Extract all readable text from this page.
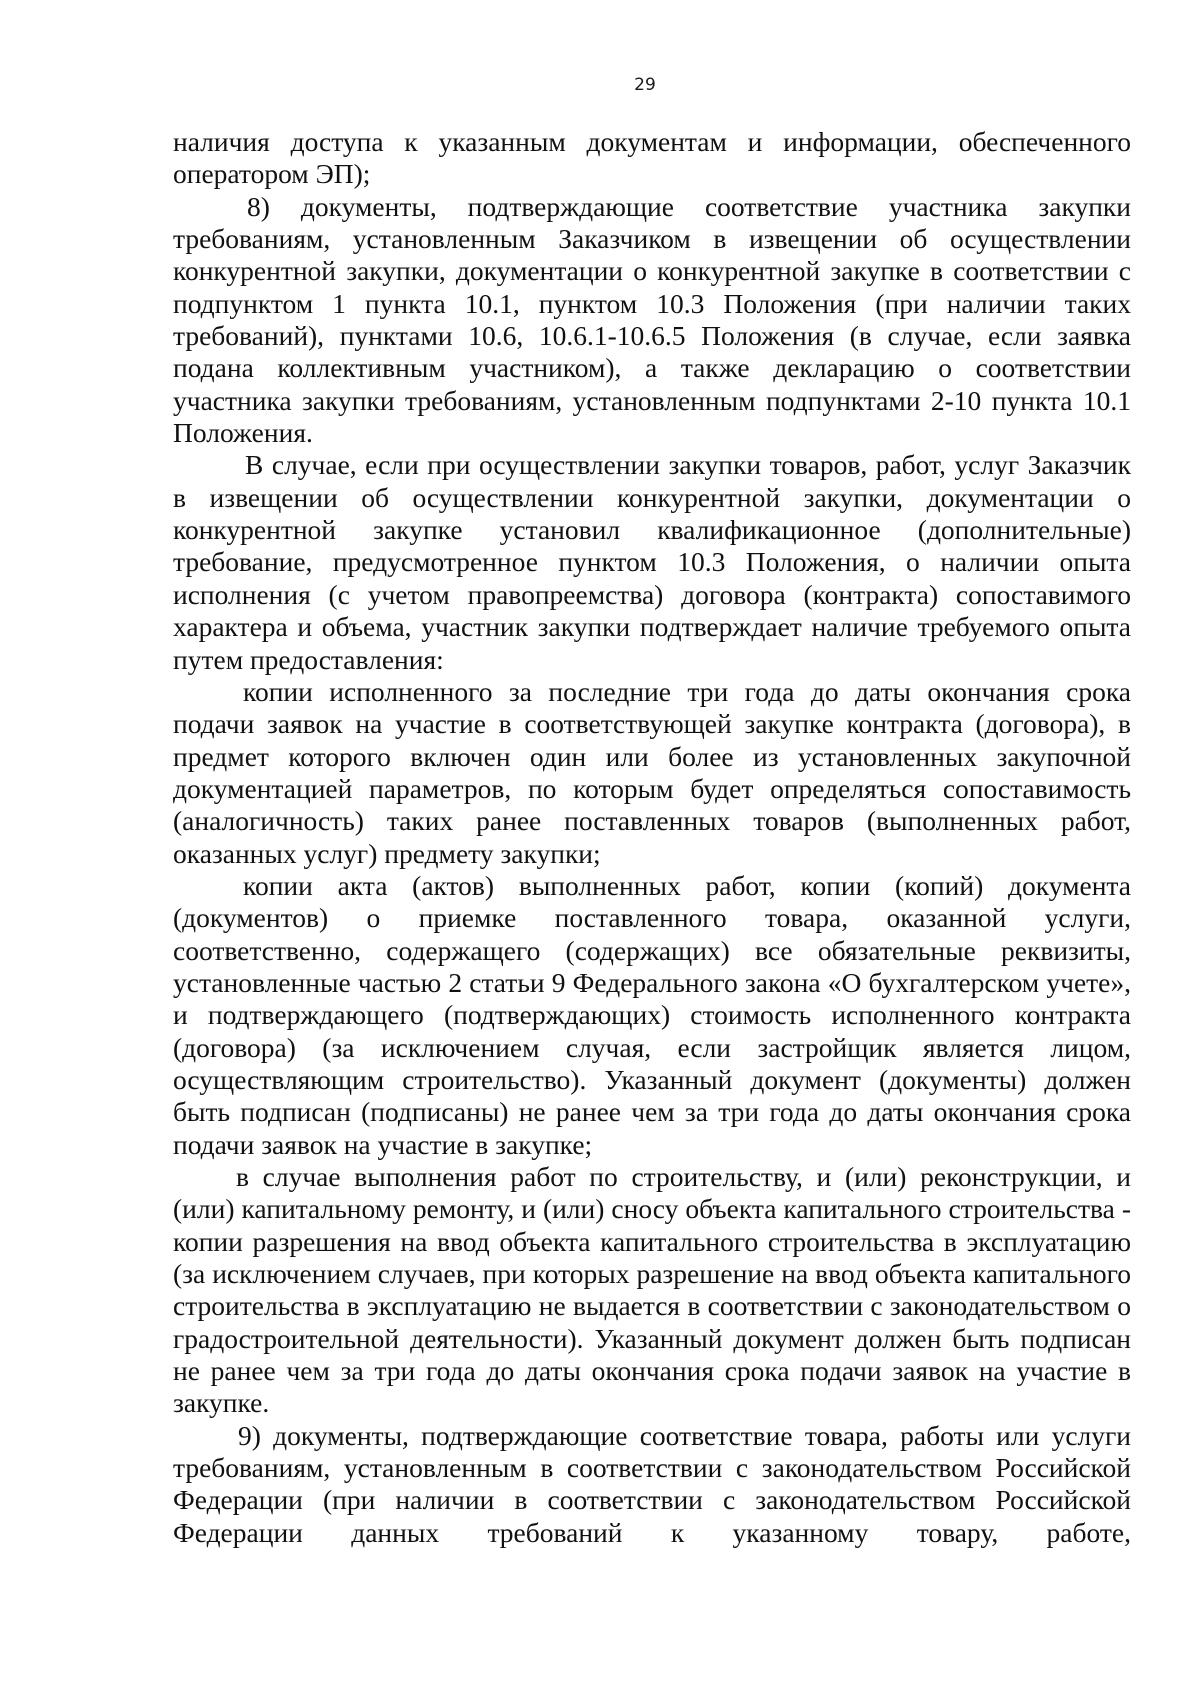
29

наличия доступа к указанным документам и информации, обеспеченного оператором ЭП);

8) документы, подтверждающие соответствие участника закупки требованиям, установленным Заказчиком в извещении об осуществлении конкурентной закупки, документации о конкурентной закупке в соответствии с подпунктом 1 пункта 10.1, пунктом 10.3 Положения (при наличии таких требований), пунктами 10.6, 10.6.1-10.6.5 Положения (в случае, если заявка подана коллективным участником), а также декларацию о соответствии участника закупки требованиям, установленным подпунктами 2-10 пункта 10.1 Положения.

В случае, если при осуществлении закупки товаров, работ, услуг Заказчик в извещении об осуществлении конкурентной закупки, документации о конкурентной закупке установил квалификационное (дополнительные) требование, предусмотренное пунктом 10.3 Положения, о наличии опыта исполнения (с учетом правопреемства) договора (контракта) сопоставимого характера и объема, участник закупки подтверждает наличие требуемого опыта путем предоставления:

копии исполненного за последние три года до даты окончания срока подачи заявок на участие в соответствующей закупке контракта (договора), в предмет которого включен один или более из установленных закупочной документацией параметров, по которым будет определяться сопоставимость (аналогичность) таких ранее поставленных товаров (выполненных работ, оказанных услуг) предмету закупки;

копии акта (актов) выполненных работ, копии (копий) документа (документов) о приемке поставленного товара, оказанной услуги, соответственно, содержащего (содержащих) все обязательные реквизиты, установленные частью 2 статьи 9 Федерального закона «О бухгалтерском учете», и подтверждающего (подтверждающих) стоимость исполненного контракта (договора) (за исключением случая, если застройщик является лицом, осуществляющим строительство). Указанный документ (документы) должен быть подписан (подписаны) не ранее чем за три года до даты окончания срока подачи заявок на участие в закупке;

в случае выполнения работ по строительству, и (или) реконструкции, и (или) капитальному ремонту, и (или) сносу объекта капитального строительства - копии разрешения на ввод объекта капитального строительства в эксплуатацию (за исключением случаев, при которых разрешение на ввод объекта капитального строительства в эксплуатацию не выдается в соответствии с законодательством о градостроительной деятельности). Указанный документ должен быть подписан не ранее чем за три года до даты окончания срока подачи заявок на участие в закупке.

9) документы, подтверждающие соответствие товара, работы или услуги требованиям, установленным в соответствии с законодательством Российской Федерации (при наличии в соответствии с законодательством Российской Федерации данных требований к указанному товару, работе,
